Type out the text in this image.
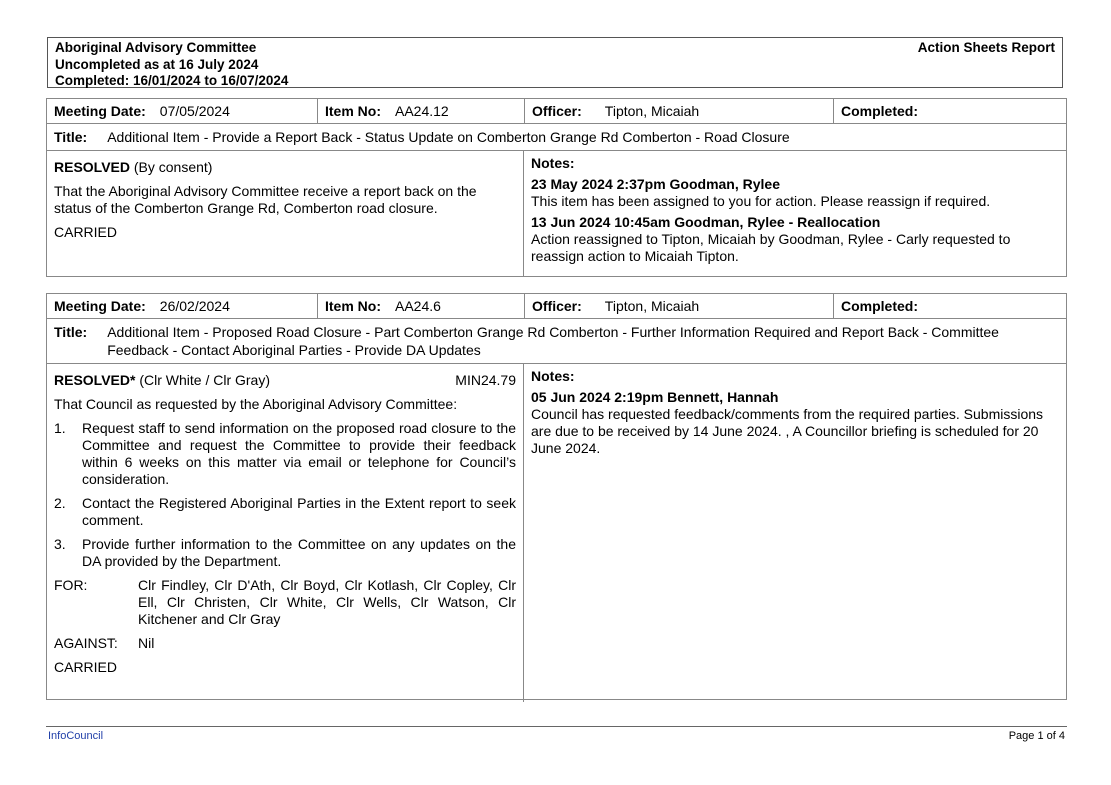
Aboriginal Advisory Committee
Uncompleted as at 16 July 2024
Completed: 16/01/2024 to 16/07/2024
Action Sheets Report
Meeting Date: 07/05/2024	Item No: AA24.12	Officer: Tipton, Micaiah	Completed:
Title: Additional Item - Provide a Report Back - Status Update on Comberton Grange Rd Comberton - Road Closure
RESOLVED (By consent)
That the Aboriginal Advisory Committee receive a report back on the status of the Comberton Grange Rd, Comberton road closure.
CARRIED
Notes:
23 May 2024 2:37pm Goodman, Rylee
This item has been assigned to you for action. Please reassign if required.
13 Jun 2024 10:45am Goodman, Rylee - Reallocation
Action reassigned to Tipton, Micaiah by Goodman, Rylee - Carly requested to reassign action to Micaiah Tipton.
Meeting Date: 26/02/2024	Item No: AA24.6	Officer: Tipton, Micaiah	Completed:
Title: Additional Item - Proposed Road Closure - Part Comberton Grange Rd Comberton - Further Information Required and Report Back - Committee Feedback - Contact Aboriginal Parties - Provide DA Updates
RESOLVED* (Clr White / Clr Gray)	MIN24.79
That Council as requested by the Aboriginal Advisory Committee:
1.	Request staff to send information on the proposed road closure to the Committee and request the Committee to provide their feedback within 6 weeks on this matter via email or telephone for Council’s consideration.
2.	Contact the Registered Aboriginal Parties in the Extent report to seek comment.
3.	Provide further information to the Committee on any updates on the DA provided by the Department.
FOR:	Clr Findley, Clr D'Ath, Clr Boyd, Clr Kotlash, Clr Copley, Clr Ell, Clr Christen, Clr White, Clr Wells, Clr Watson, Clr Kitchener and Clr Gray
AGAINST:	Nil
CARRIED
Notes:
05 Jun 2024 2:19pm Bennett, Hannah
Council has requested feedback/comments from the required parties. Submissions are due to be received by 14 June 2024. , A Councillor briefing is scheduled for 20 June 2024.
InfoCouncil	Page 1 of 4
